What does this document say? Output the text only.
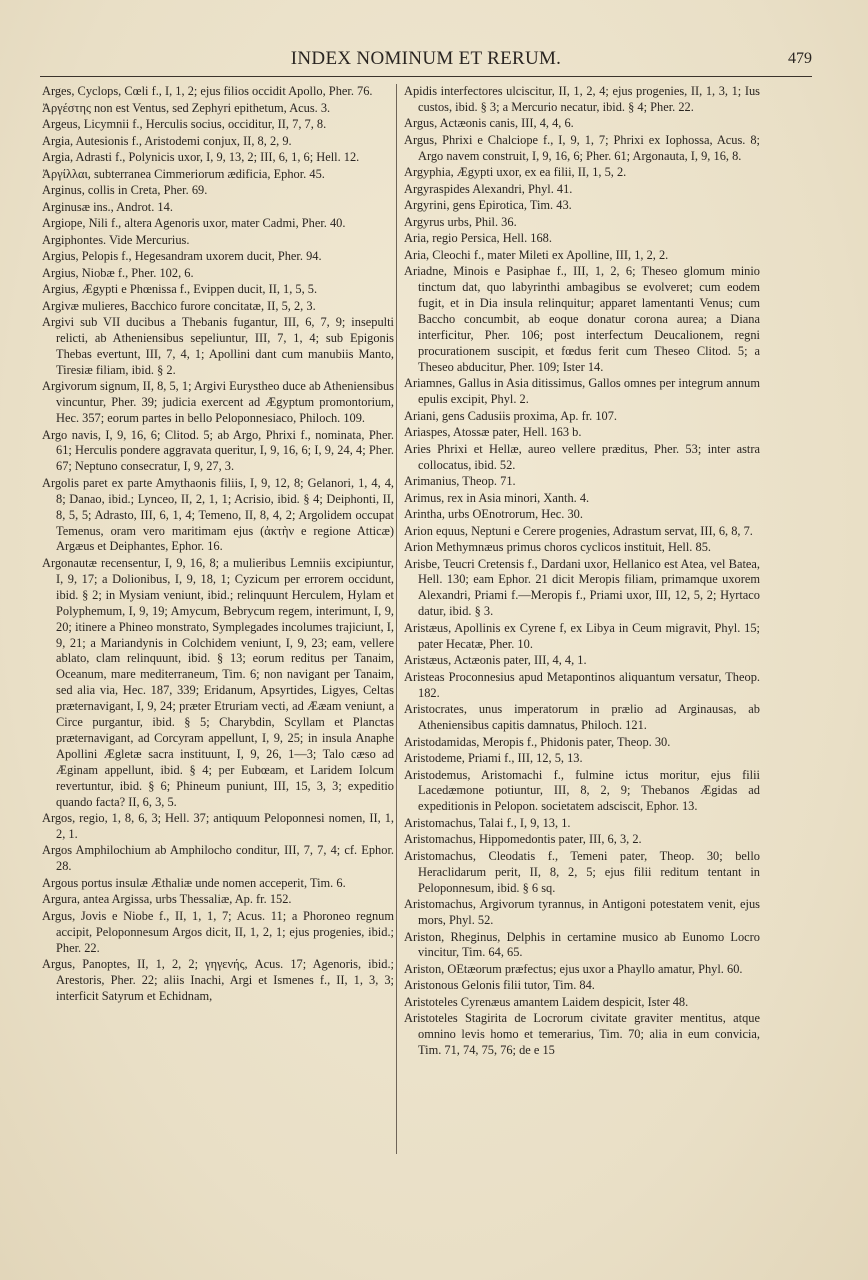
INDEX NOMINUM ET RERUM.	479

Arges, Cyclops, Cœli f., I, 1, 2; ejus filios occidit Apollo, Pher. 76.

Ἀργέστης non est Ventus, sed Zephyri epithetum, Acus. 3.

Argeus, Licymnii f., Herculis socius, occiditur, II, 7, 7, 8.

Argia, Autesionis f., Aristodemi conjux, II, 8, 2, 9.

Argia, Adrasti f., Polynicis uxor, I, 9, 13, 2; III, 6, 1, 6; Hell. 12.

Ἀργίλλαι, subterranea Cimmeriorum ædificia, Ephor. 45.

Arginus, collis in Creta, Pher. 69.

Arginusæ ins., Androt. 14.

Argiope, Nili f., altera Agenoris uxor, mater Cadmi, Pher. 40.

Argiphontes. Vide Mercurius.

Argius, Pelopis f., Hegesandram uxorem ducit, Pher. 94.

Argius, Niobæ f., Pher. 102, 6.

Argius, Ægypti e Phœnissa f., Evippen ducit, II, 1, 5, 5.

Argivæ mulieres, Bacchico furore concitatæ, II, 5, 2, 3.

Argivi sub VII ducibus a Thebanis fugantur, III, 6, 7, 9; insepulti relicti, ab Atheniensibus sepeliuntur, III, 7, 1, 4; sub Epigonis Thebas evertunt, III, 7, 4, 1; Apollini dant cum manubiis Manto, Tiresiæ filiam, ibid. § 2.

Argivorum signum, II, 8, 5, 1; Argivi Eurystheo duce ab Atheniensibus vincuntur, Pher. 39; judicia exercent ad Ægyptum promontorium, Hec. 357; eorum partes in bello Peloponnesiaco, Philoch. 109.

Argo navis, I, 9, 16, 6; Clitod. 5; ab Argo, Phrixi f., nominata, Pher. 61; Herculis pondere aggravata queritur, I, 9, 16, 6; I, 9, 24, 4; Pher. 67; Neptuno consecratur, I, 9, 27, 3.

Argolis paret ex parte Amythaonis filiis, I, 9, 12, 8; Gelanori, 1, 4, 4, 8; Danao, ibid.; Lynceo, II, 2, 1, 1; Acrisio, ibid. § 4; Deiphonti, II, 8, 5, 5; Adrasto, III, 6, 1, 4; Temeno, II, 8, 4, 2; Argolidem occupat Temenus, oram vero maritimam ejus (ἀκτὴν e regione Atticæ) Argæus et Deiphantes, Ephor. 16.

Argonautæ recensentur, I, 9, 16, 8; a mulieribus Lemniis excipiuntur, I, 9, 17; a Dolionibus, I, 9, 18, 1; Cyzicum per errorem occidunt, ibid. § 2; in Mysiam veniunt, ibid.; relinquunt Herculem, Hylam et Polyphemum, I, 9, 19; Amycum, Bebrycum regem, interimunt, I, 9, 20; itinere a Phineo monstrato, Symplegades incolumes trajiciunt, I, 9, 21; a Mariandynis in Colchidem veniunt, I, 9, 23; eam, vellere ablato, clam relinquunt, ibid. § 13; eorum reditus per Tanaim, Oceanum, mare mediterraneum, Tim. 6; non navigant per Tanaim, sed alia via, Hec. 187, 339; Eridanum, Apsyrtides, Ligyes, Celtas præternavigant, I, 9, 24; præter Etruriam vecti, ad Ææam veniunt, a Circe purgantur, ibid. § 5; Charybdin, Scyllam et Planctas præternavigant, ad Corcyram appellunt, I, 9, 25; in insula Anaphe Apollini Ægletæ sacra instituunt, I, 9, 26, 1—3; Talo cæso ad Æginam appellunt, ibid. § 4; per Eubœam, et Laridem Iolcum revertuntur, ibid. § 6; Phineum puniunt, III, 15, 3, 3; expeditio quando facta? II, 6, 3, 5.

Argos, regio, 1, 8, 6, 3; Hell. 37; antiquum Peloponnesi nomen, II, 1, 2, 1.

Argos Amphilochium ab Amphilocho conditur, III, 7, 7, 4; cf. Ephor. 28.

Argous portus insulæ Æthaliæ unde nomen acceperit, Tim. 6.

Argura, antea Argissa, urbs Thessaliæ, Ap. fr. 152.

Argus, Jovis e Niobe f., II, 1, 1, 7; Acus. 11; a Phoroneo regnum accipit, Peloponnesum Argos dicit, II, 1, 2, 1; ejus progenies, ibid.; Pher. 22.

Argus, Panoptes, II, 1, 2, 2; γηγενής, Acus. 17; Agenoris, ibid.; Arestoris, Pher. 22; aliis Inachi, Argi et Ismenes f., II, 1, 3, 3; interficit Satyrum et Echidnam,

Apidis interfectores ulciscitur, II, 1, 2, 4; ejus progenies, II, 1, 3, 1; Ius custos, ibid. § 3; a Mercurio necatur, ibid. § 4; Pher. 22.

Argus, Actæonis canis, III, 4, 4, 6.

Argus, Phrixi e Chalciope f., I, 9, 1, 7; Phrixi ex Iophossa, Acus. 8; Argo navem construit, I, 9, 16, 6; Pher. 61; Argonauta, I, 9, 16, 8.

Argyphia, Ægypti uxor, ex ea filii, II, 1, 5, 2.

Argyraspides Alexandri, Phyl. 41.

Argyrini, gens Epirotica, Tim. 43.

Argyrus urbs, Phil. 36.

Aria, regio Persica, Hell. 168.

Aria, Cleochi f., mater Mileti ex Apolline, III, 1, 2, 2.

Ariadne, Minois e Pasiphae f., III, 1, 2, 6; Theseo glomum minio tinctum dat, quo labyrinthi ambagibus se evolveret; cum eodem fugit, et in Dia insula relinquitur; apparet lamentanti Venus; cum Baccho concumbit, ab eoque donatur corona aurea; a Diana interficitur, Pher. 106; post interfectum Deucalionem, regni procurationem suscipit, et fœdus ferit cum Theseo Clitod. 5; a Theseo abducitur, Pher. 109; Ister 14.

Ariamnes, Gallus in Asia ditissimus, Gallos omnes per integrum annum epulis excipit, Phyl. 2.

Ariani, gens Cadusiis proxima, Ap. fr. 107.

Ariaspes, Atossæ pater, Hell. 163 b.

Aries Phrixi et Hellæ, aureo vellere præditus, Pher. 53; inter astra collocatus, ibid. 52.

Arimanius, Theop. 71.

Arimus, rex in Asia minori, Xanth. 4.

Arintha, urbs OEnotrorum, Hec. 30.

Arion equus, Neptuni e Cerere progenies, Adrastum servat, III, 6, 8, 7.

Arion Methymnæus primus choros cyclicos instituit, Hell. 85.

Arisbe, Teucri Cretensis f., Dardani uxor, Hellanico est Atea, vel Batea, Hell. 130; eam Ephor. 21 dicit Meropis filiam, primamque uxorem Alexandri, Priami f.—Meropis f., Priami uxor, III, 12, 5, 2; Hyrtaco datur, ibid. § 3.

Aristæus, Apollinis ex Cyrene f, ex Libya in Ceum migravit, Phyl. 15; pater Hecatæ, Pher. 10.

Aristæus, Actæonis pater, III, 4, 4, 1.

Aristeas Proconnesius apud Metapontinos aliquantum versatur, Theop. 182.

Aristocrates, unus imperatorum in prælio ad Arginausas, ab Atheniensibus capitis damnatus, Philoch. 121.

Aristodamidas, Meropis f., Phidonis pater, Theop. 30.

Aristodeme, Priami f., III, 12, 5, 13.

Aristodemus, Aristomachi f., fulmine ictus moritur, ejus filii Lacedæmone potiuntur, III, 8, 2, 9; Thebanos Ægidas ad expeditionis in Pelopon. societatem adsciscit, Ephor. 13.

Aristomachus, Talai f., I, 9, 13, 1.

Aristomachus, Hippomedontis pater, III, 6, 3, 2.

Aristomachus, Cleodatis f., Temeni pater, Theop. 30; bello Heraclidarum perit, II, 8, 2, 5; ejus filii reditum tentant in Peloponnesum, ibid. § 6 sq.

Aristomachus, Argivorum tyrannus, in Antigoni potestatem venit, ejus mors, Phyl. 52.

Ariston, Rheginus, Delphis in certamine musico ab Eunomo Locro vincitur, Tim. 64, 65.

Ariston, OEtæorum præfectus; ejus uxor a Phayllo amatur, Phyl. 60.

Aristonous Gelonis filii tutor, Tim. 84.

Aristoteles Cyrenæus amantem Laidem despicit, Ister 48.

Aristoteles Stagirita de Locrorum civitate graviter mentitus, atque omnino levis homo et temerarius, Tim. 70; alia in eum convicia, Tim. 71, 74, 75, 76; de e 15
